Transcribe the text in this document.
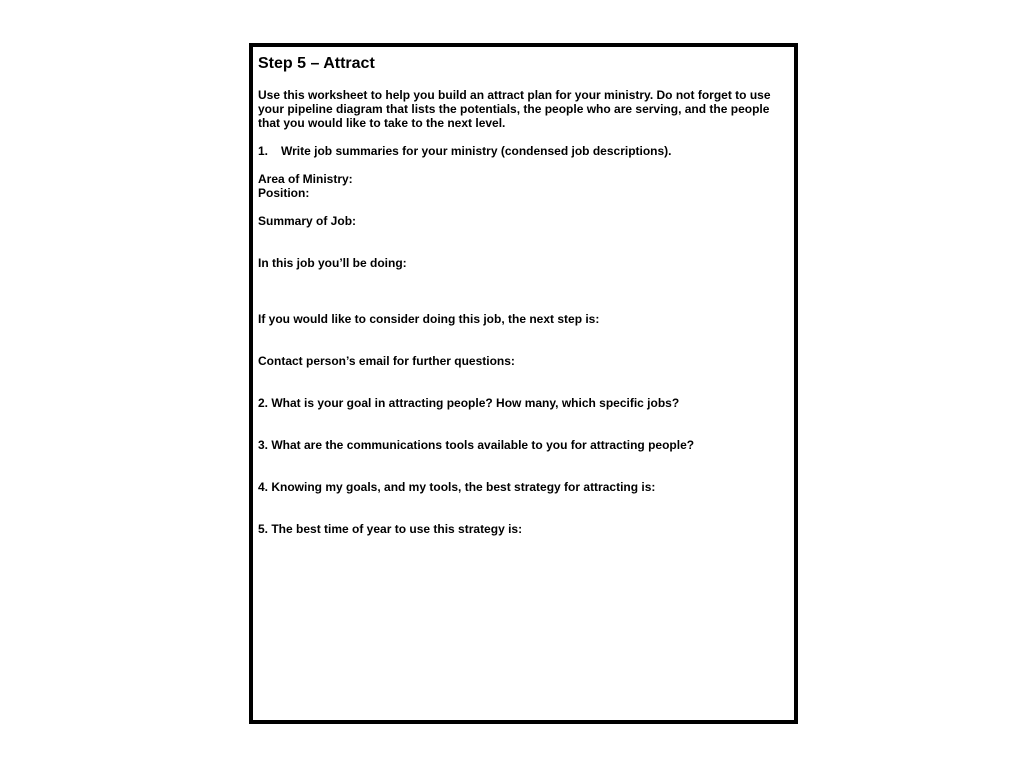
Step 5 – Attract

Use this worksheet to help you build an attract plan for your ministry. Do not forget to use your pipeline diagram that lists the potentials, the people who are serving, and the people that you would like to take to the next level.

1. Write job summaries for your ministry (condensed job descriptions).

Area of Ministry:

Position:

Summary of Job:

In this job you’ll be doing:

If you would like to consider doing this job, the next step is:

Contact person’s email for further questions:

2. What is your goal in attracting people? How many, which specific jobs?

3. What are the communications tools available to you for attracting people?

4. Knowing my goals, and my tools, the best strategy for attracting is:

5. The best time of year to use this strategy is:
